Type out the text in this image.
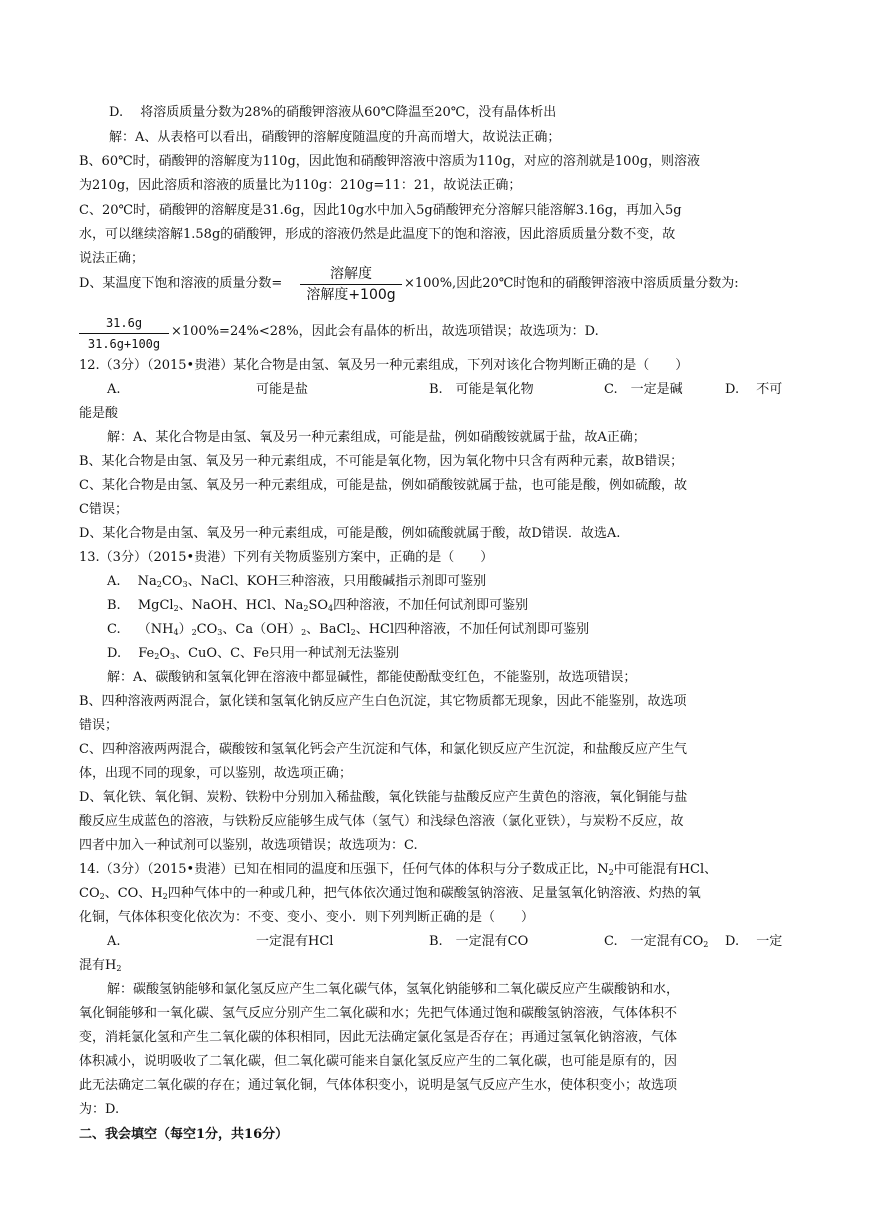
D.　 将溶质质量分数为28%的硝酸钾溶液从60℃降温至20℃，没有晶体析出
解：A、从表格可以看出，硝酸钾的溶解度随温度的升高而增大，故说法正确；
B、60℃时，硝酸钾的溶解度为110g，因此饱和硝酸钾溶液中溶质为110g，对应的溶剂就是100g，则溶液
为210g，因此溶质和溶液的质量比为110g：210g=11：21，故说法正确；
C、20℃时，硝酸钾的溶解度是31.6g，因此10g水中加入5g硝酸钾充分溶解只能溶解3.16g，再加入5g
水，可以继续溶解1.58g的硝酸钾，形成的溶液仍然是此温度下的饱和溶液，因此溶质质量分数不变，故
说法正确；
D、某温度下饱和溶液的质量分数=
溶解度
溶解度+100g
×100%,因此20℃时饱和的硝酸钾溶液中溶质质量分数为:
$\frac{31.6g}{31.6g+100g} \times 100\%=24\%<28\%$，因此会有晶体的析出，故选项错误；故选项为：D.
12.（3分）（2015•贵港）某化合物是由氢、氧及另一种元素组成，下列对该化合物判断正确的是（　　）
A.	可能是盐	B.　可能是氧化物	C.　一定是碱	D.　 不可
能是酸
解：A、某化合物是由氢、氧及另一种元素组成，可能是盐，例如硝酸铵就属于盐，故A正确；
B、某化合物是由氢、氧及另一种元素组成，不可能是氧化物，因为氧化物中只含有两种元素，故B错误；
C、某化合物是由氢、氧及另一种元素组成，可能是盐，例如硝酸铵就属于盐，也可能是酸，例如硫酸，故
C错误；
D、某化合物是由氢、氧及另一种元素组成，可能是酸，例如硫酸就属于酸，故D错误．故选A.
13.（3分）（2015•贵港）下列有关物质鉴别方案中，正确的是（　　）
A.　 $Na_2CO_3$、NaCl、KOH三种溶液，只用酸碱指示剂即可鉴别
B.　 MgCl$_2$、NaOH、HCl、$Na_2SO_4$四种溶液，不加任何试剂即可鉴别
C.　 $(NH_4)_2CO_3$、$Ca(OH)_2$、BaCl$_2$、HCl四种溶液，不加任何试剂即可鉴别
D.　 $Fe_2O_3$、CuO、C、Fe只用一种试剂无法鉴别
解：A、碳酸钠和氢氧化钾在溶液中都显碱性，都能使酚酞变红色，不能鉴别，故选项错误；
B、四种溶液两两混合，氯化镁和氢氧化钠反应产生白色沉淀，其它物质都无现象，因此不能鉴别，故选项
错误；
C、四种溶液两两混合，碳酸铵和氢氧化钙会产生沉淀和气体，和氯化钡反应产生沉淀，和盐酸反应产生气
体，出现不同的现象，可以鉴别，故选项正确；
D、氧化铁、氧化铜、炭粉、铁粉中分别加入稀盐酸，氧化铁能与盐酸反应产生黄色的溶液，氧化铜能与盐
酸反应生成蓝色的溶液，与铁粉反应能够生成气体（氢气）和浅绿色溶液（氯化亚铁），与炭粉不反应，故
四者中加入一种试剂可以鉴别，故选项错误；故选项为：C.
14.（3分）（2015•贵港）已知在相同的温度和压强下，任何气体的体积与分子数成正比，$N_2$中可能混有HCl、
$CO_2$、CO、$H_2$四种气体中的一种或几种，把气体依次通过饱和碳酸氢钠溶液、足量氢氧化钠溶液、灼热的氧
化铜，气体体积变化依次为：不变、变小、变小．则下列判断正确的是（　　）
A.	一定混有HCl	B.　一定混有CO	C.　一定混有$CO_2$ D.　 一定
混有$H_2$
解：碳酸氢钠能够和氯化氢反应产生二氧化碳气体，氢氧化钠能够和二氧化碳反应产生碳酸钠和水，
氧化铜能够和一氧化碳、氢气反应分别产生二氧化碳和水；先把气体通过饱和碳酸氢钠溶液，气体体积不
变，消耗氯化氢和产生二氧化碳的体积相同，因此无法确定氯化氢是否存在；再通过氢氧化钠溶液，气体
体积减小，说明吸收了二氧化碳，但二氧化碳可能来自氯化氢反应产生的二氧化碳，也可能是原有的，因
此无法确定二氧化碳的存在；通过氧化铜，气体体积变小，说明是氢气反应产生水，使体积变小；故选项
为：D.
二、我会填空（每空1分，共16分）
